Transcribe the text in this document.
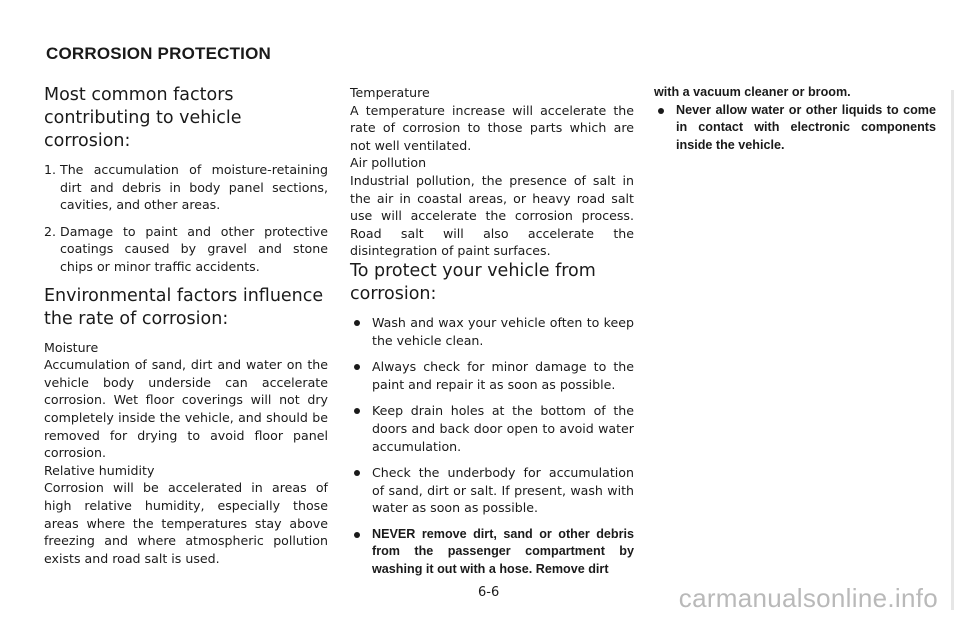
CORROSION PROTECTION
Most common factors contributing to vehicle corrosion:
1. The accumulation of moisture-retaining dirt and debris in body panel sections, cavities, and other areas.
2. Damage to paint and other protective coatings caused by gravel and stone chips or minor traffic accidents.
Environmental factors influence the rate of corrosion:

Moisture

Accumulation of sand, dirt and water on the vehicle body underside can accelerate corrosion. Wet floor coverings will not dry completely inside the vehicle, and should be removed for drying to avoid floor panel corrosion.

Relative humidity

Corrosion will be accelerated in areas of high relative humidity, especially those areas where the temperatures stay above freezing and where atmospheric pollution exists and road salt is used.

Temperature

A temperature increase will accelerate the rate of corrosion to those parts which are not well ventilated.

Air pollution

Industrial pollution, the presence of salt in the air in coastal areas, or heavy road salt use will accelerate the corrosion process. Road salt will also accelerate the disintegration of paint surfaces.

To protect your vehicle from corrosion:
Wash and wax your vehicle often to keep the vehicle clean.
Always check for minor damage to the paint and repair it as soon as possible.
Keep drain holes at the bottom of the doors and back door open to avoid water accumulation.
Check the underbody for accumulation of sand, dirt or salt. If present, wash with water as soon as possible.
NEVER remove dirt, sand or other debris from the passenger compartment by washing it out with a hose. Remove dirt

with a vacuum cleaner or broom.

Never allow water or other liquids to come in contact with electronic components inside the vehicle.
6-6	carmanualsonline.info
